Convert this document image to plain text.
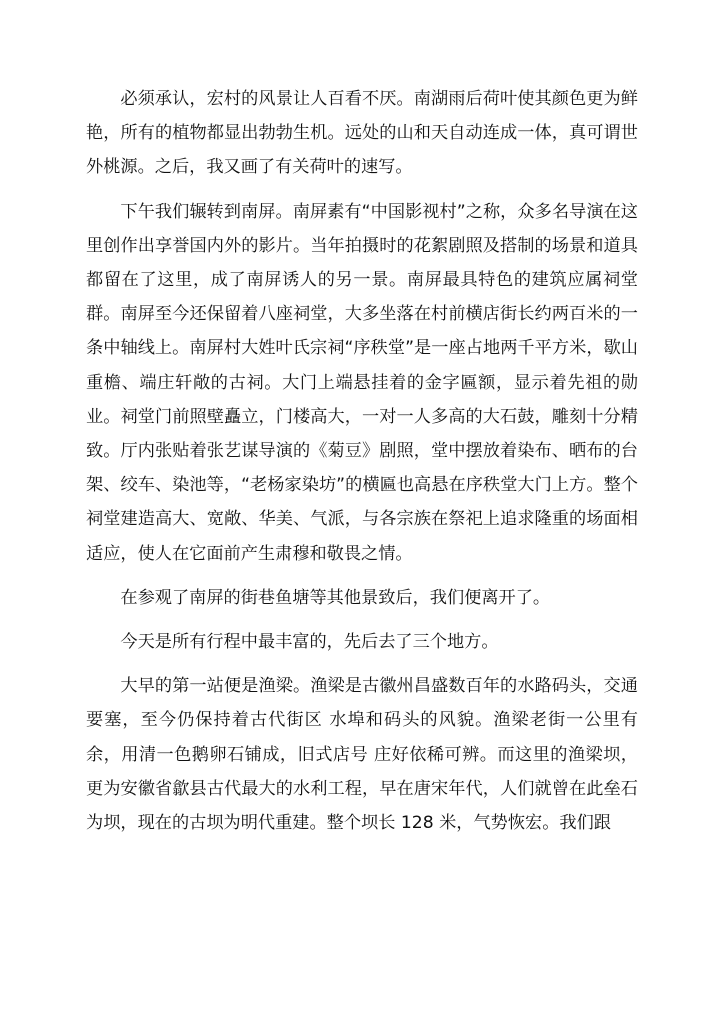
必须承认，宏村的风景让人百看不厌。南湖雨后荷叶使其颜色更为鲜艳，所有的植物都显出勃勃生机。远处的山和天自动连成一体，真可谓世外桃源。之后，我又画了有关荷叶的速写。

下午我们辗转到南屏。南屏素有“中国影视村”之称，众多名导演在这里创作出享誉国内外的影片。当年拍摄时的花絮剧照及搭制的场景和道具都留在了这里，成了南屏诱人的另一景。南屏最具特色的建筑应属祠堂群。南屏至今还保留着八座祠堂，大多坐落在村前横店街长约两百米的一条中轴线上。南屏村大姓叶氏宗祠“序秩堂”是一座占地两千平方米，歇山重檐、端庄轩敞的古祠。大门上端悬挂着的金字匾额，显示着先祖的勋业。祠堂门前照壁矗立，门楼高大，一对一人多高的大石鼓，雕刻十分精致。厅内张贴着张艺谋导演的《菊豆》剧照，堂中摆放着染布、晒布的台架、绞车、染池等，“老杨家染坊”的横匾也高悬在序秩堂大门上方。整个祠堂建造高大、宽敞、华美、气派，与各宗族在祭祀上追求隆重的场面相适应，使人在它面前产生肃穆和敬畏之情。

在参观了南屏的街巷鱼塘等其他景致后，我们便离开了。

今天是所有行程中最丰富的，先后去了三个地方。

大早的第一站便是渔梁。渔梁是古徽州昌盛数百年的水路码头，交通要塞，至今仍保持着古代街区 水埠和码头的风貌。渔梁老街一公里有余，用清一色鹅卵石铺成，旧式店号 庄好依稀可辨。而这里的渔梁坝，更为安徽省歙县古代最大的水利工程，早在唐宋年代，人们就曾在此垒石为坝，现在的古坝为明代重建。整个坝长 128 米，气势恢宏。我们跟
